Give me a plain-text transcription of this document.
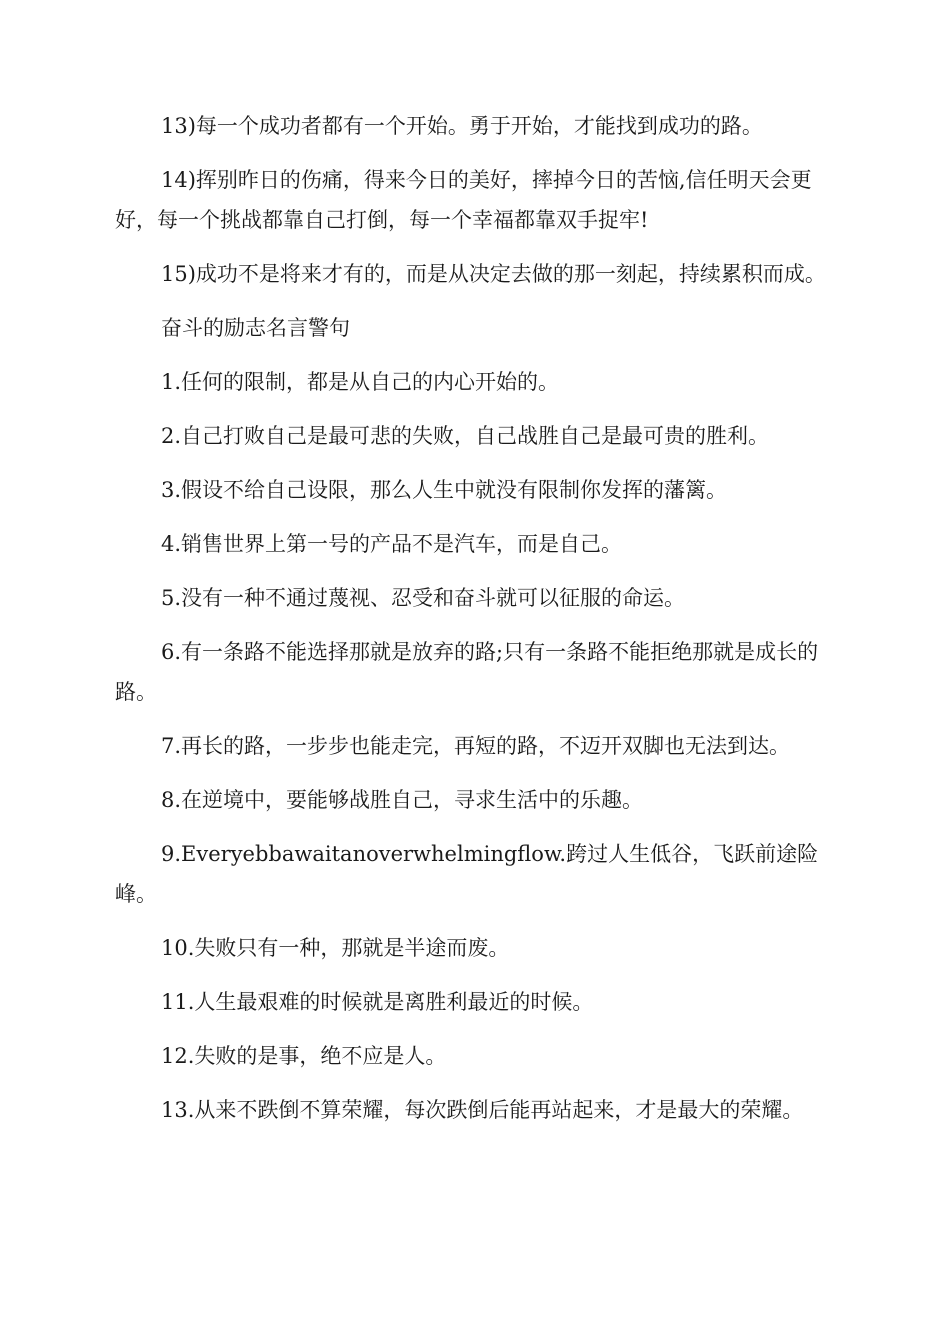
13)每一个成功者都有一个开始。勇于开始，才能找到成功的路。

14)挥别昨日的伤痛，得来今日的美好，摔掉今日的苦恼,信任明天会更好，每一个挑战都靠自己打倒，每一个幸福都靠双手捉牢!

15)成功不是将来才有的，而是从决定去做的那一刻起，持续累积而成。

奋斗的励志名言警句

1.任何的限制，都是从自己的内心开始的。

2.自己打败自己是最可悲的失败，自己战胜自己是最可贵的胜利。

3.假设不给自己设限，那么人生中就没有限制你发挥的藩篱。

4.销售世界上第一号的产品不是汽车，而是自己。

5.没有一种不通过蔑视、忍受和奋斗就可以征服的命运。

6.有一条路不能选择那就是放弃的路;只有一条路不能拒绝那就是成长的路。

7.再长的路，一步步也能走完，再短的路，不迈开双脚也无法到达。

8.在逆境中，要能够战胜自己，寻求生活中的乐趣。

9.Everyebbawaitanoverwhelmingflow.跨过人生低谷，飞跃前途险峰。

10.失败只有一种，那就是半途而废。

11.人生最艰难的时候就是离胜利最近的时候。

12.失败的是事，绝不应是人。

13.从来不跌倒不算荣耀，每次跌倒后能再站起来，才是最大的荣耀。
